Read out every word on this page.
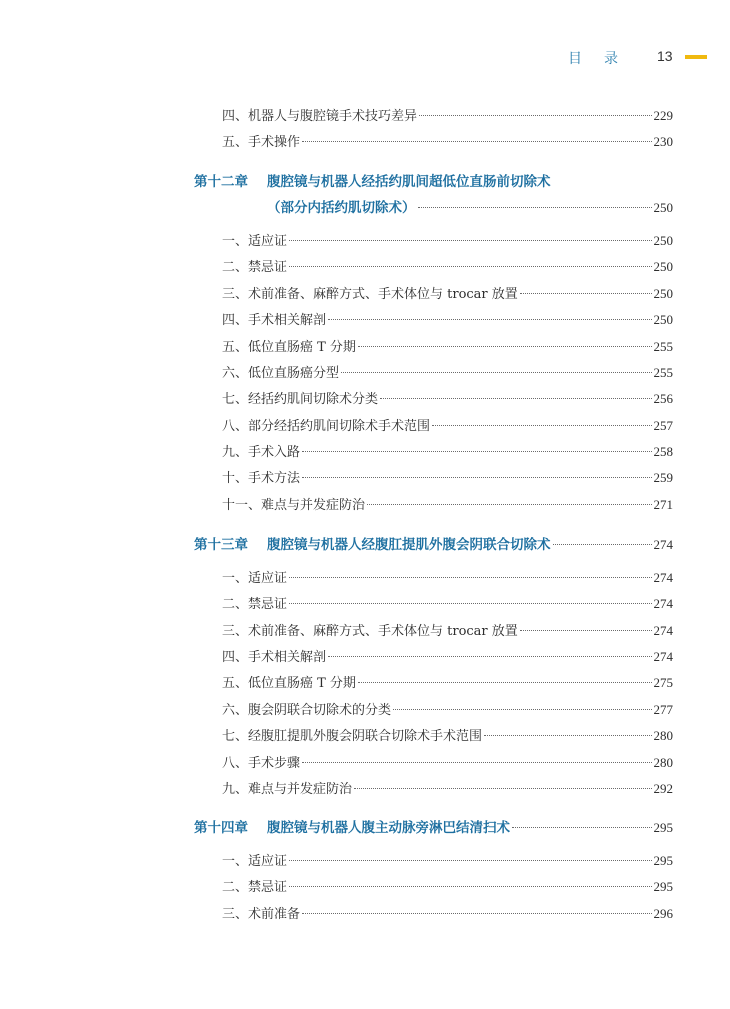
目 录	13
四、机器人与腹腔镜手术技巧差异	229
五、手术操作	230
第十二章	腹腔镜与机器人经括约肌间超低位直肠前切除术
（部分内括约肌切除术）	250
一、适应证	250
二、禁忌证	250
三、术前准备、麻醉方式、手术体位与 trocar 放置	250
四、手术相关解剖	250
五、低位直肠癌 T 分期	255
六、低位直肠癌分型	255
七、经括约肌间切除术分类	256
八、部分经括约肌间切除术手术范围	257
九、手术入路	258
十、手术方法	259
十一、难点与并发症防治	271
第十三章	腹腔镜与机器人经腹肛提肌外腹会阴联合切除术	274
一、适应证	274
二、禁忌证	274
三、术前准备、麻醉方式、手术体位与 trocar 放置	274
四、手术相关解剖	274
五、低位直肠癌 T 分期	275
六、腹会阴联合切除术的分类	277
七、经腹肛提肌外腹会阴联合切除术手术范围	280
八、手术步骤	280
九、难点与并发症防治	292
第十四章	腹腔镜与机器人腹主动脉旁淋巴结清扫术	295
一、适应证	295
二、禁忌证	295
三、术前准备	296
